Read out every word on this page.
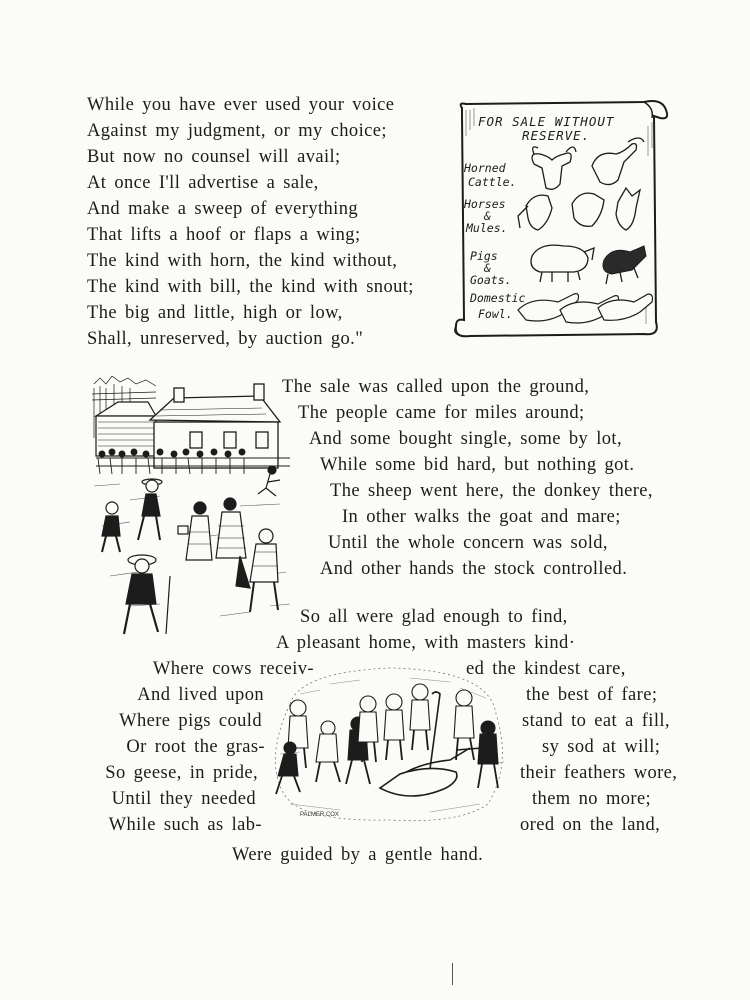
While you have ever used your voice
Against my judgment, or my choice;
But now no counsel will avail;
At once I'll advertise a sale,
And make a sweep of everything
That lifts a hoof or flaps a wing;
The kind with horn, the kind without,
The kind with bill, the kind with snout;
The big and little, high or low,
Shall, unreserved, by auction go."
FOR SALE WITHOUT
RESERVE.
Horned
Cattle.
Horses
&
Mules.
Pigs
&
Goats.
Domestic
Fowl.
The sale was called upon the ground,
The people came for miles around;
And some bought single, some by lot,
While some bid hard, but nothing got.
The sheep went here, the donkey there,
In other walks the goat and mare;
Until the whole concern was sold,
And other hands the stock controlled.
So all were glad enough to find,
A pleasant home, with masters kind·
Where cows receiv-
And lived upon
Where pigs could
Or root the gras-
So geese, in pride,
Until they needed
While such as lab-
ed the kindest care,
the best of fare;
stand to eat a fill,
sy sod at will;
their feathers wore,
them no more;
ored on the land,
PALMER COX
Were guided by a gentle hand.
